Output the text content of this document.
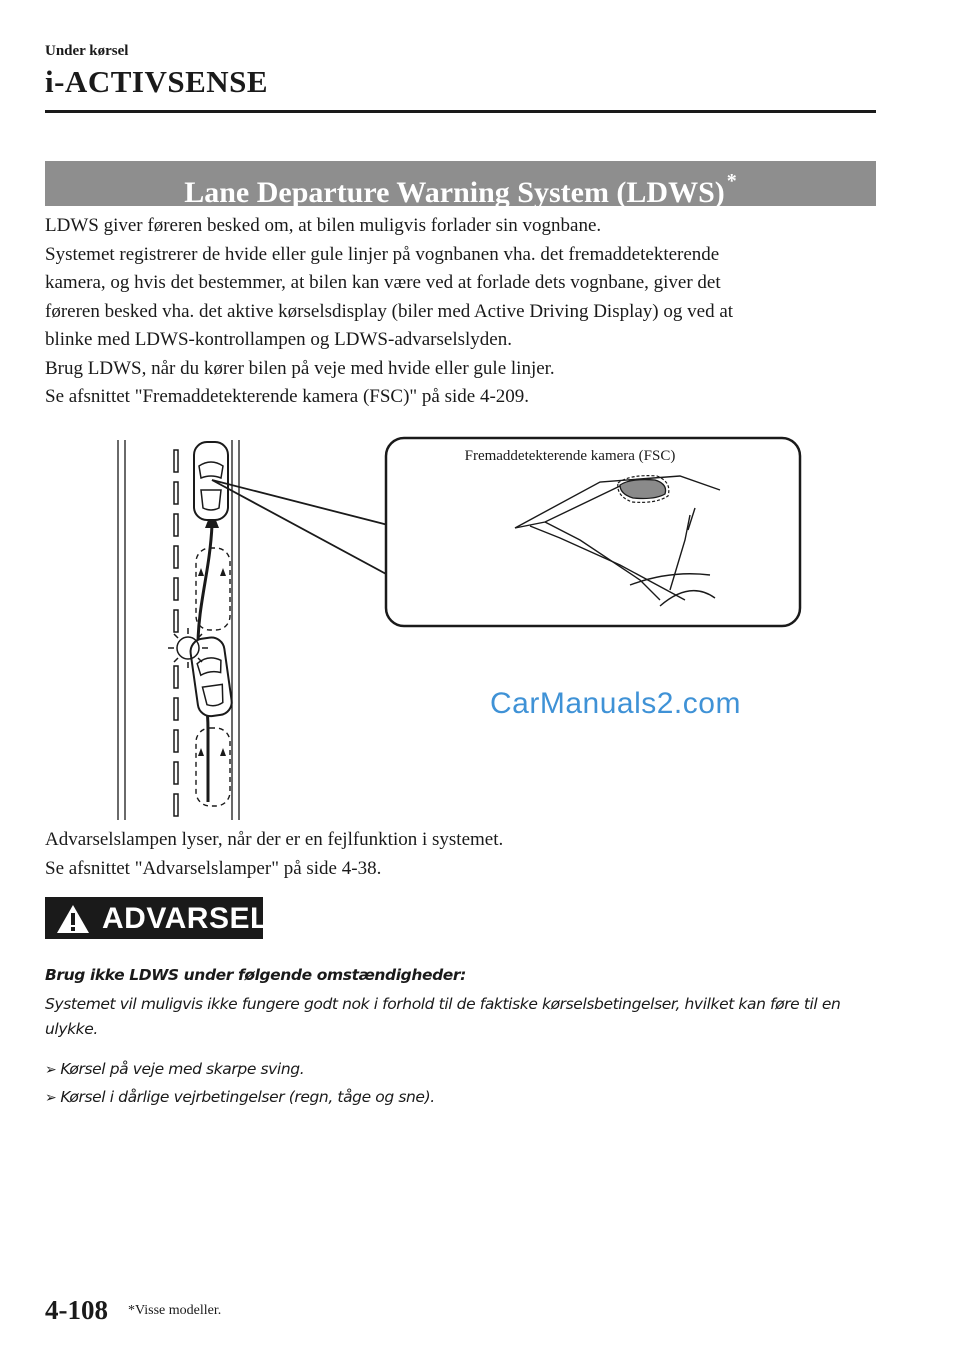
Under kørsel
i-ACTIVSENSE
Lane Departure Warning System (LDWS) *
LDWS giver føreren besked om, at bilen muligvis forlader sin vognbane.
Systemet registrerer de hvide eller gule linjer på vognbanen vha. det fremaddetekterende
kamera, og hvis det bestemmer, at bilen kan være ved at forlade dets vognbane, giver det
føreren besked vha. det aktive kørselsdisplay (biler med Active Driving Display) og ved at
blinke med LDWS-kontrollampen og LDWS-advarselslyden.
Brug LDWS, når du kører bilen på veje med hvide eller gule linjer.
Se afsnittet "Fremaddetekterende kamera (FSC)" på side 4-209.
Fremaddetekterende kamera (FSC)
CarManuals2.com
Advarselslampen lyser, når der er en fejlfunktion i systemet.
Se afsnittet "Advarselslamper" på side 4-38.
ADVARSEL
Brug ikke LDWS under følgende omstændigheder:
Systemet vil muligvis ikke fungere godt nok i forhold til de faktiske kørselsbetingelser, hvilket kan føre til en ulykke.
➢ Kørsel på veje med skarpe sving.
➢ Kørsel i dårlige vejrbetingelser (regn, tåge og sne).
4-108 *Visse modeller.
